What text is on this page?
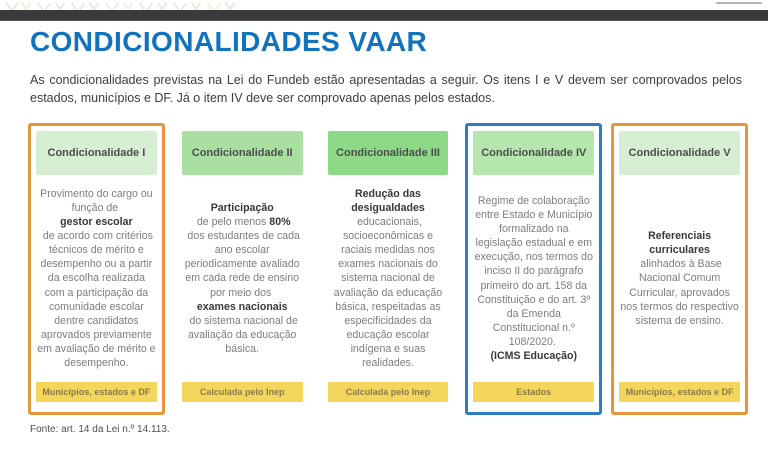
CONDICIONALIDADES VAAR

As condicionalidades previstas na Lei do Fundeb estão apresentadas a seguir. Os itens I e V devem ser comprovados pelos estados, municípios e DF. Já o item IV deve ser comprovado apenas pelos estados.

Condicionalidade I
Provimento do cargo ou função de
gestor escolar
de acordo com critérios técnicos de mérito e desempenho ou a partir da escolha realizada com a participação da comunidade escolar dentre candidatos aprovados previamente em avaliação de mérito e desempenho.
Municípios, estados e DF
Condicionalidade II
Participação
de pelo menos 80%
dos estudantes de cada ano escolar periodicamente avaliado em cada rede de ensino por meio dos
exames nacionais
do sistema nacional de avaliação da educação básica.
Calculada pelo Inep
Condicionalidade III
Redução das desigualdades
educacionais, socioeconômicas e raciais medidas nos exames nacionais do sistema nacional de avaliação da educação básica, respeitadas as especificidades da educação escolar indígena e suas realidades.
Calculada pelo Inep
Condicionalidade IV
Regime de colaboração entre Estado e Município formalizado na legislação estadual e em execução, nos termos do inciso II do parágrafo primeiro do art. 158 da Constituição e do art. 3º da Emenda Constitucional n.º 108/2020.
(ICMS Educação)
Estados
Condicionalidade V
Referenciais curriculares
alinhados à Base Nacional Comum Curricular, aprovados nos termos do respectivo sistema de ensino.
Municípios, estados e DF

Fonte: art. 14 da Lei n.º 14.113.
